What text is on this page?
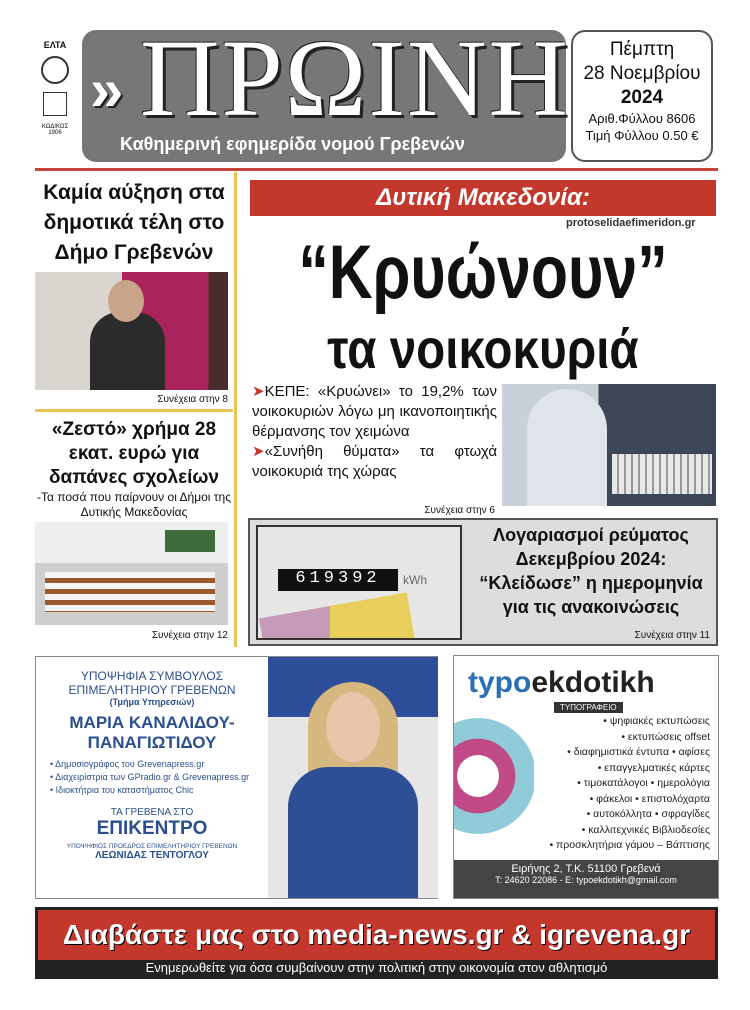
ΕΛΤΑ
ΚΩΔΙΚΟΣ
1906
» ΠΡΩΙΝΗ
Καθημερινή εφημερίδα νομού Γρεβενών
Πέμπτη
28 Νοεμβρίου
2024
Αριθ.Φύλλου 8606
Τιμή Φύλλου 0.50 €
Καμία αύξηση στα δημοτικά τέλη στο Δήμο Γρεβενών
Συνέχεια στην 8
«Ζεστό» χρήμα 28 εκατ. ευρώ για δαπάνες σχολείων
-Τα ποσά που παίρνουν οι Δήμοι της Δυτικής Μακεδονίας
Συνέχεια στην 12
Δυτική Μακεδονία:
protoselidaefimeridon.gr
“Κρυώνουν”
τα νοικοκυριά

➤ΚΕΠΕ: «Κρυώνει» το 19,2% των νοικοκυριών λόγω μη ικανοποιητικής θέρμανσης τον χειμώνα

➤«Συνήθη θύματα» τα φτωχά νοικοκυριά της χώρας

Συνέχεια στην 6
619392	kWh
Λογαριασμοί ρεύματος Δεκεμβρίου 2024: “Κλείδωσε” η ημερομηνία για τις ανακοινώσεις
Συνέχεια στην 11
ΥΠΟΨΗΦΙΑ ΣΥΜΒΟΥΛΟΣ
ΕΠΙΜΕΛΗΤΗΡΙΟΥ ΓΡΕΒΕΝΩΝ
(Τμήμα Υπηρεσιών)
ΜΑΡΙΑ ΚΑΝΑΛΙΔΟΥ-
ΠΑΝΑΓΙΩΤΙΔΟΥ
• Δημοσιογράφος του Grevenapress.gr
• Διαχειρίστρια των GPradio.gr & Grevenapress.gr
• Ιδιοκτήτρια του καταστήματος Chic
ΤΑ ΓΡΕΒΕΝΑ ΣΤΟ
ΕΠΙΚΕΝΤΡΟ
ΥΠΟΨΗΦΙΟΣ ΠΡΟΕΔΡΟΣ ΕΠΙΜΕΛΗΤΗΡΙΟΥ ΓΡΕΒΕΝΩΝ
ΛΕΩΝΙΔΑΣ ΤΕΝΤΟΓΛΟΥ
typoekdotikh
ΤΥΠΟΓΡΑΦΕΙΟ
• ψηφιακές εκτυπώσεις
• εκτυπώσεις offset
• διαφημιστικά έντυπα • αφίσες
• επαγγελματικές κάρτες
• τιμοκατάλογοι • ημερολόγια
• φάκελοι • επιστολόχαρτα
• αυτοκόλλητα • σφραγίδες
• καλλιτεχνικές Βιβλιοδεσίες
• προσκλητήρια γάμου – Βάπτισης
Ειρήνης 2, Τ.Κ. 51100 Γρεβενά
Τ: 24620 22086 - Ε: typoekdotikh@gmail.com
Διαβάστε μας στο media-news.gr & igrevena.gr
Ενημερωθείτε για όσα συμβαίνουν στην πολιτική στην οικονομία στον αθλητισμό
